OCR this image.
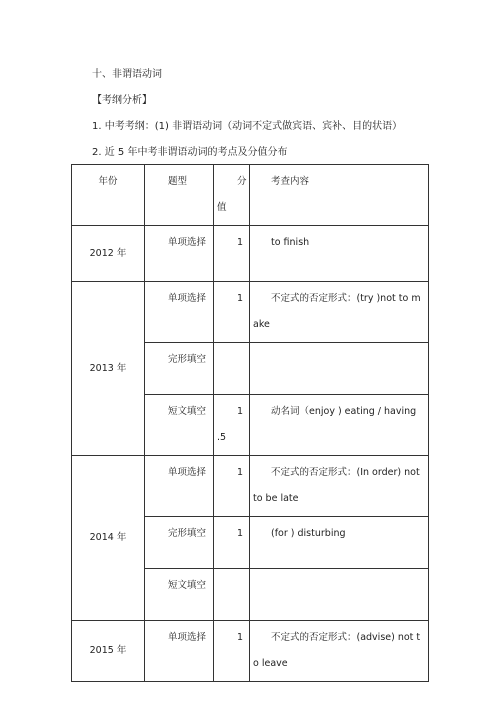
十、非谓语动词
【考纲分析】
1. 中考考纲：(1) 非谓语动词（动词不定式做宾语、宾补、目的状语）
2. 近 5 年中考非谓语动词的考点及分值分布
年份	题型	分值	考查内容
2012 年	单项选择	1	to finish
2013 年	单项选择	1	不定式的否定形式：(try )not to make
	完形填空		
	短文填空	1.5	动名词（enjoy ) eating / having
2014 年	单项选择	1	不定式的否定形式：(In order) not to be late
	完形填空	1	(for ) disturbing
	短文填空		
2015 年	单项选择	1	不定式的否定形式：(advise) not to leave
